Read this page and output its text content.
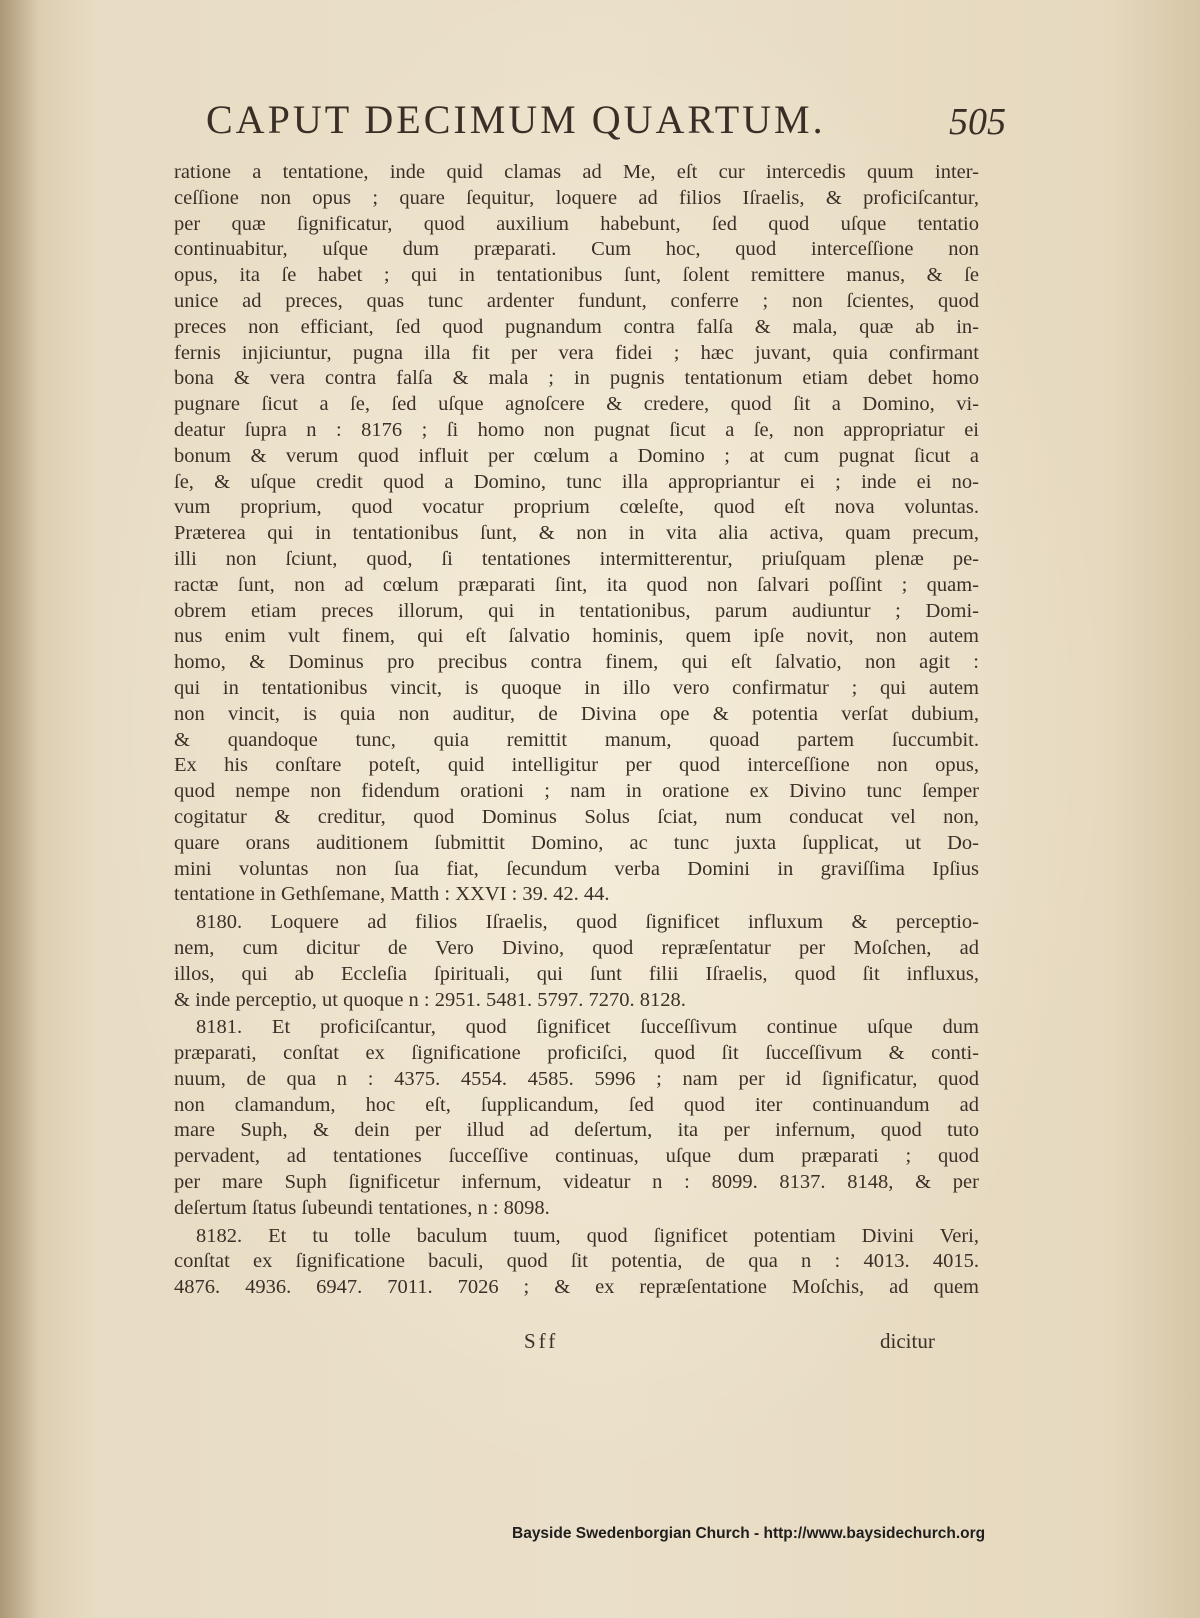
CAPUT DECIMUM QUARTUM.	505
ratione a tentatione, inde quid clamas ad Me, eſt cur intercedis quum inter-
ceſſione non opus ; quare ſequitur, loquere ad filios Iſraelis, & proficiſcantur,
per quæ ſignificatur, quod auxilium habebunt, ſed quod uſque tentatio
continuabitur, uſque dum præparati. Cum hoc, quod interceſſione non
opus, ita ſe habet ; qui in tentationibus ſunt, ſolent remittere manus, & ſe
unice ad preces, quas tunc ardenter fundunt, conferre ; non ſcientes, quod
preces non efficiant, ſed quod pugnandum contra falſa & mala, quæ ab in-
fernis injiciuntur, pugna illa fit per vera fidei ; hæc juvant, quia confirmant
bona & vera contra falſa & mala ; in pugnis tentationum etiam debet homo
pugnare ſicut a ſe, ſed uſque agnoſcere & credere, quod ſit a Domino, vi-
deatur ſupra n : 8176 ; ſi homo non pugnat ſicut a ſe, non appropriatur ei
bonum & verum quod influit per cœlum a Domino ; at cum pugnat ſicut a
ſe, & uſque credit quod a Domino, tunc illa appropriantur ei ; inde ei no-
vum proprium, quod vocatur proprium cœleſte, quod eſt nova voluntas.
Præterea qui in tentationibus ſunt, & non in vita alia activa, quam precum,
illi non ſciunt, quod, ſi tentationes intermitterentur, priuſquam plenæ pe-
ractæ ſunt, non ad cœlum præparati ſint, ita quod non ſalvari poſſint ; quam-
obrem etiam preces illorum, qui in tentationibus, parum audiuntur ; Domi-
nus enim vult finem, qui eſt ſalvatio hominis, quem ipſe novit, non autem
homo, & Dominus pro precibus contra finem, qui eſt ſalvatio, non agit :
qui in tentationibus vincit, is quoque in illo vero confirmatur ; qui autem
non vincit, is quia non auditur, de Divina ope & potentia verſat dubium,
& quandoque tunc, quia remittit manum, quoad partem ſuccumbit.
Ex his conſtare poteſt, quid intelligitur per quod interceſſione non opus,
quod nempe non fidendum orationi ; nam in oratione ex Divino tunc ſemper
cogitatur & creditur, quod Dominus Solus ſciat, num conducat vel non,
quare orans auditionem ſubmittit Domino, ac tunc juxta ſupplicat, ut Do-
mini voluntas non ſua fiat, ſecundum verba Domini in graviſſima Ipſius
tentatione in Gethſemane, Matth : XXVI : 39. 42. 44.
8180. Loquere ad filios Iſraelis, quod ſignificet influxum & perceptio-
nem, cum dicitur de Vero Divino, quod repræſentatur per Moſchen, ad
illos, qui ab Eccleſia ſpirituali, qui ſunt filii Iſraelis, quod ſit influxus,
& inde perceptio, ut quoque n : 2951. 5481. 5797. 7270. 8128.
8181. Et proficiſcantur, quod ſignificet ſucceſſivum continue uſque dum
præparati, conſtat ex ſignificatione proficiſci, quod ſit ſucceſſivum & conti-
nuum, de qua n : 4375. 4554. 4585. 5996 ; nam per id ſignificatur, quod
non clamandum, hoc eſt, ſupplicandum, ſed quod iter continuandum ad
mare Suph, & dein per illud ad deſertum, ita per infernum, quod tuto
pervadent, ad tentationes ſucceſſive continuas, uſque dum præparati ; quod
per mare Suph ſignificetur infernum, videatur n : 8099. 8137. 8148, & per
deſertum ſtatus ſubeundi tentationes, n : 8098.
8182. Et tu tolle baculum tuum, quod ſignificet potentiam Divini Veri,
conſtat ex ſignificatione baculi, quod ſit potentia, de qua n : 4013. 4015.
4876. 4936. 6947. 7011. 7026 ; & ex repræſentatione Moſchis, ad quem
Sff	dicitur
Bayside Swedenborgian Church - http://www.baysidechurch.org
